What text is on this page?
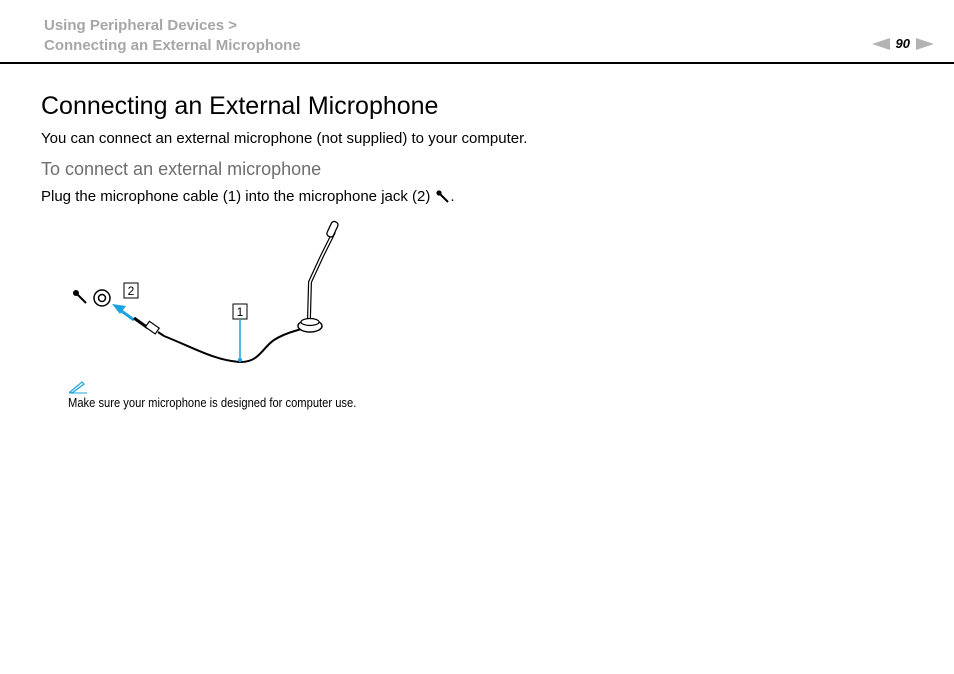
Using Peripheral Devices >
Connecting an External Microphone	90
Connecting an External Microphone

You can connect an external microphone (not supplied) to your computer.

To connect an external microphone

Plug the microphone cable (1) into the microphone jack (2) .

2
1

Make sure your microphone is designed for computer use.
